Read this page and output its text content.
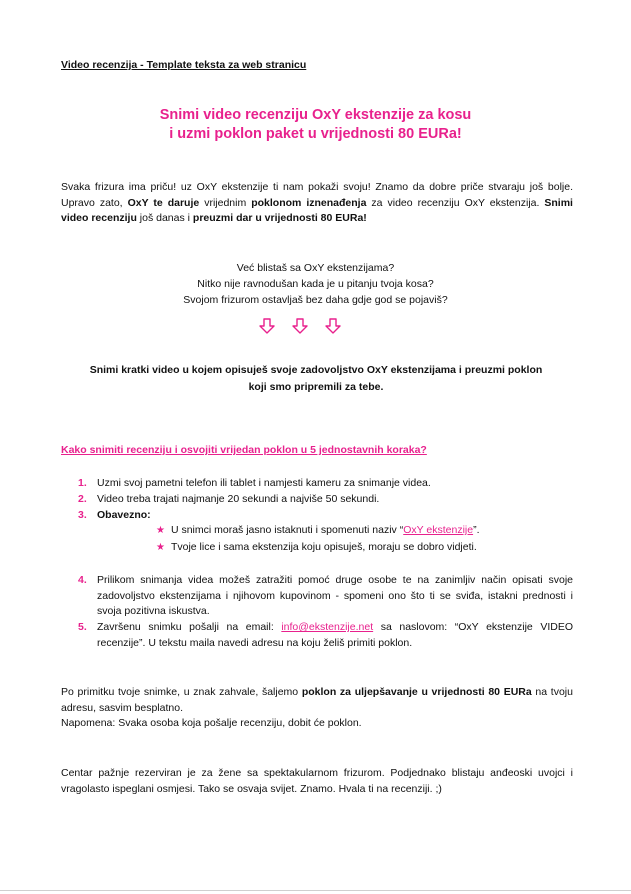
Video recenzija - Template teksta za web stranicu
Snimi video recenziju OxY ekstenzije za kosu
i uzmi poklon paket u vrijednosti 80 EURa!
Svaka frizura ima priču! uz OxY ekstenzije ti nam pokaži svoju! Znamo da dobre priče stvaraju još bolje. Upravo zato, OxY te daruje vrijednim poklonom iznenađenja za video recenziju OxY ekstenzija. Snimi video recenziju još danas i preuzmi dar u vrijednosti 80 EURa!
Već blistaš sa OxY ekstenzijama?
Nitko nije ravnodušan kada je u pitanju tvoja kosa?
Svojom frizurom ostavljaš bez daha gdje god se pojaviš?
Snimi kratki video u kojem opisuješ svoje zadovoljstvo OxY ekstenzijama i preuzmi poklon
koji smo pripremili za tebe.
Kako snimiti recenziju i osvojiti vrijedan poklon u 5 jednostavnih koraka?
1. Uzmi svoj pametni telefon ili tablet i namjesti kameru za snimanje videa.
2. Video treba trajati najmanje 20 sekundi a najviše 50 sekundi.
3. Obavezno:
★ U snimci moraš jasno istaknuti i spomenuti naziv “OxY ekstenzije”.
★ Tvoje lice i sama ekstenzija koju opisuješ, moraju se dobro vidjeti.
4. Prilikom snimanja videa možeš zatražiti pomoć druge osobe te na zanimljiv način opisati svoje zadovoljstvo ekstenzijama i njihovom kupovinom - spomeni ono što ti se sviđa, istakni prednosti i svoja pozitivna iskustva.
5. Završenu snimku pošalji na email: info@ekstenzije.net sa naslovom: “OxY ekstenzije VIDEO recenzije”. U tekstu maila navedi adresu na koju želiš primiti poklon.
Po primitku tvoje snimke, u znak zahvale, šaljemo poklon za uljepšavanje u vrijednosti 80 EURa na tvoju adresu, sasvim besplatno.
Napomena: Svaka osoba koja pošalje recenziju, dobit će poklon.
Centar pažnje rezerviran je za žene sa spektakularnom frizurom. Podjednako blistaju anđeoski uvojci i vragolasto ispeglani osmjesi. Tako se osvaja svijet. Znamo. Hvala ti na recenziji. ;)
